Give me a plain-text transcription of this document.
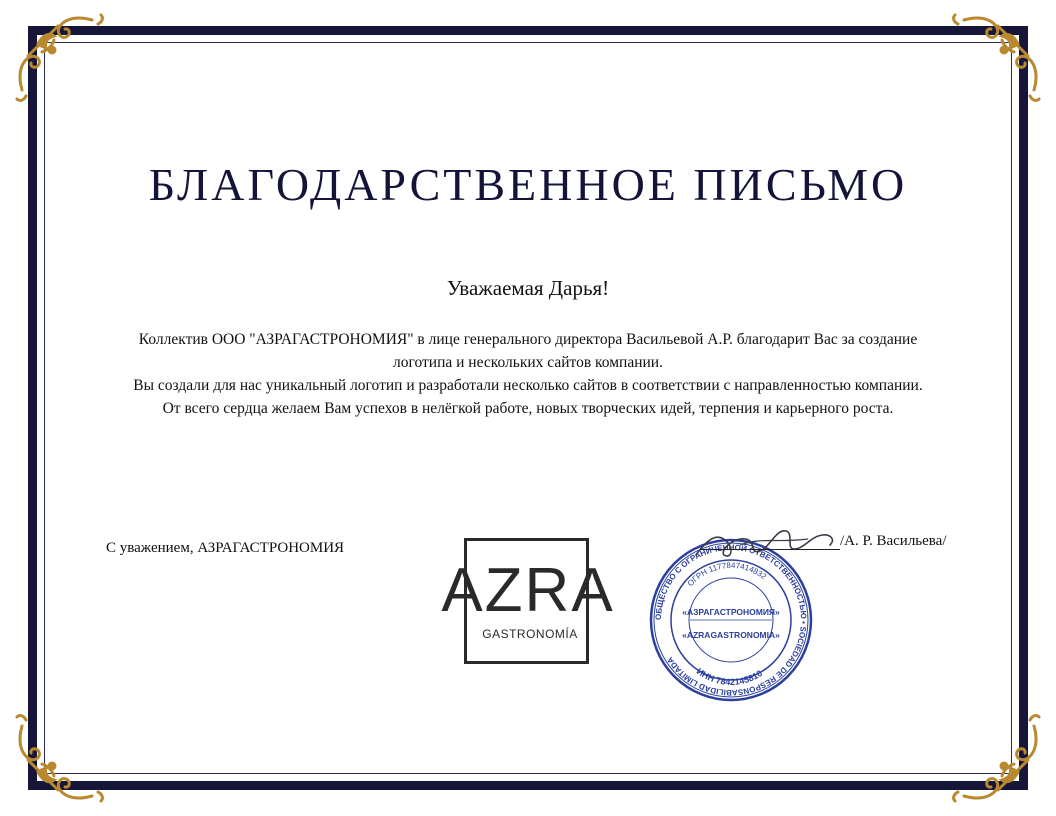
БЛАГОДАРСТВЕННОЕ ПИСЬМО
Уважаемая Дарья!
Коллектив ООО "АЗРАГАСТРОНОМИЯ" в лице генерального директора Васильевой А.Р. благодарит Вас за создание
логотипа и нескольких сайтов компании.
Вы создали для нас уникальный логотип и разработали несколько сайтов в соответствии с направленностью компании.
От всего сердца желаем Вам успехов в нелёгкой работе, новых творческих идей, терпения и карьерного роста.
С уважением, АЗРАГАСТРОНОМИЯ
AZRA
GASTRONOMÍA
ОБЩЕСТВО С ОГРАНИЧЕННОЙ ОТВЕТСТВЕННОСТЬЮ • SOCIEDAD DE RESPONSABILIDAD LIMITADA
ОГРН 1177847414832
«АЗРАГАСТРОНОМИЯ»
«AZRAGASTRONOMIA»
ИНН 7842145810
/А. Р. Васильева/
